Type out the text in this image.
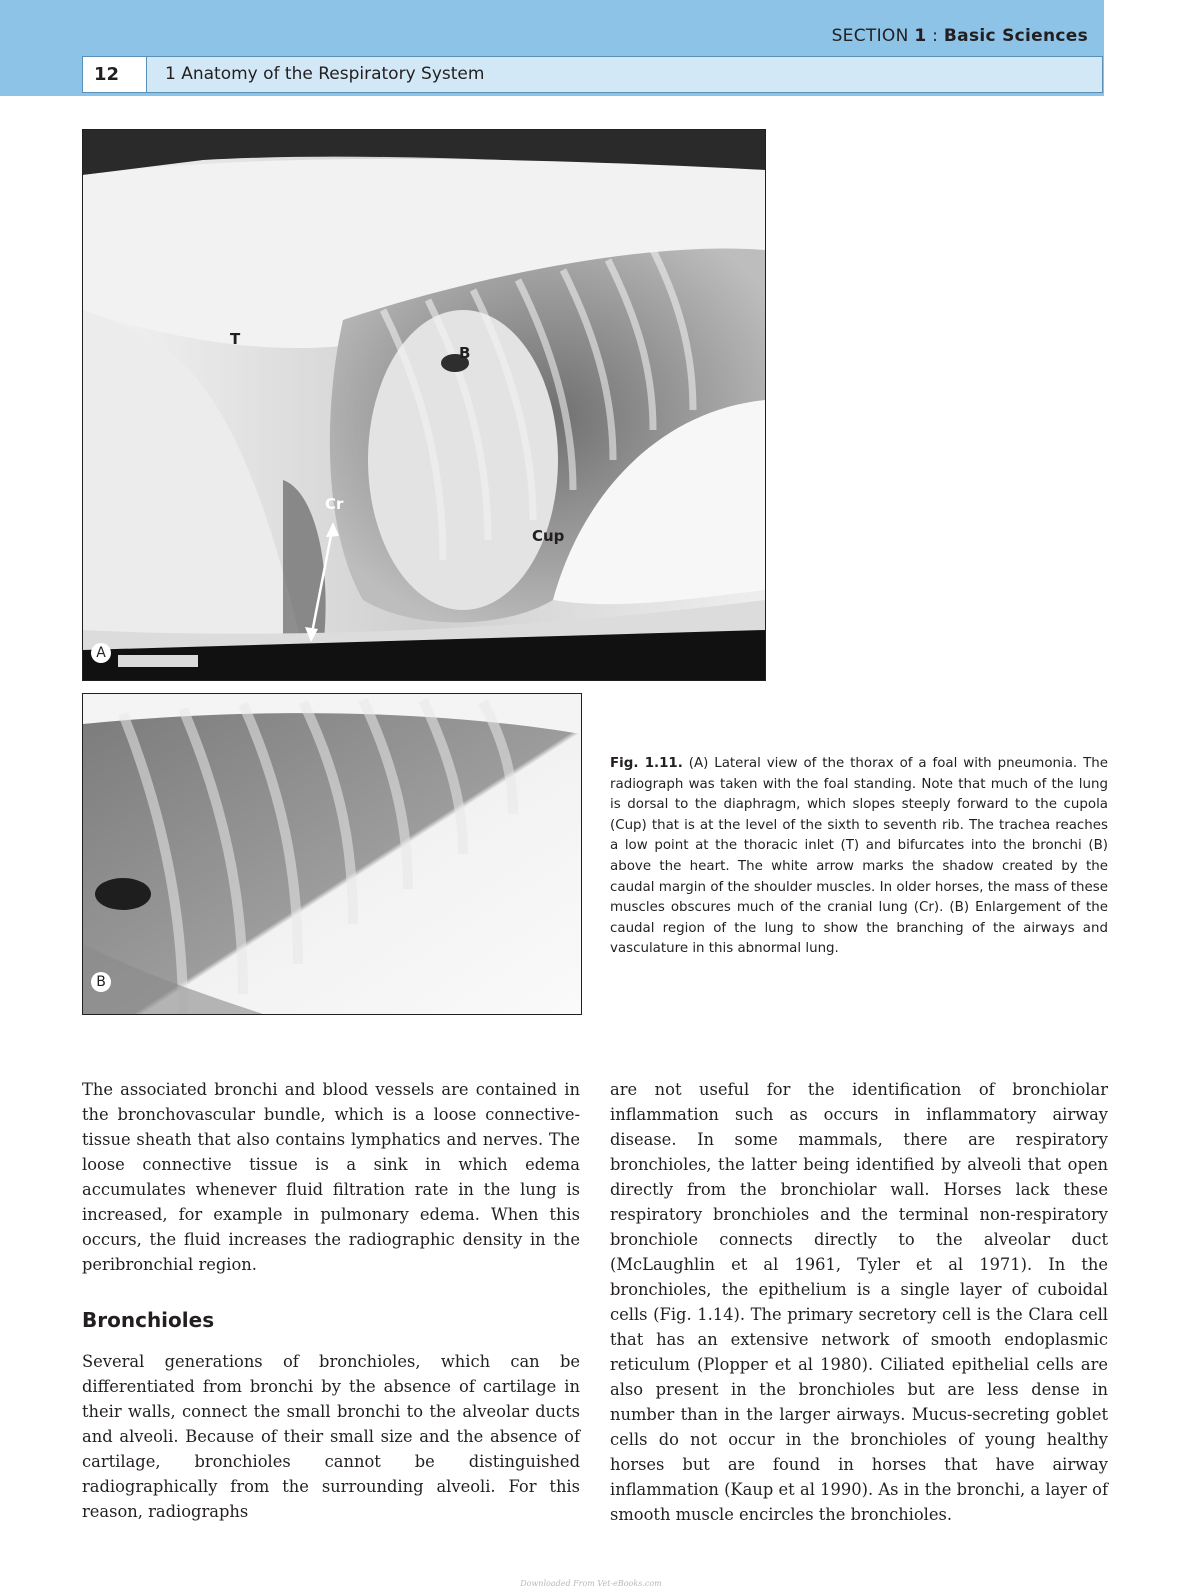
SECTION 1 : Basic Sciences
12	1 Anatomy of the Respiratory System
T
B
Cr
Cup
A
B
Fig. 1.11. (A) Lateral view of the thorax of a foal with pneumonia. The radiograph was taken with the foal standing. Note that much of the lung is dorsal to the diaphragm, which slopes steeply forward to the cupola (Cup) that is at the level of the sixth to seventh rib. The trachea reaches a low point at the thoracic inlet (T) and bifurcates into the bronchi (B) above the heart. The white arrow marks the shadow created by the caudal margin of the shoulder muscles. In older horses, the mass of these muscles obscures much of the cranial lung (Cr). (B) Enlargement of the caudal region of the lung to show the branching of the airways and vasculature in this abnormal lung.

The associated bronchi and blood vessels are contained in the bronchovascular bundle, which is a loose connective-tissue sheath that also contains lymphatics and nerves. The loose connective tissue is a sink in which edema accumulates whenever fluid filtration rate in the lung is increased, for example in pulmonary edema. When this occurs, the fluid increases the radiographic density in the peribronchial region.

Bronchioles

Several generations of bronchioles, which can be differentiated from bronchi by the absence of cartilage in their walls, connect the small bronchi to the alveolar ducts and alveoli. Because of their small size and the absence of cartilage, bronchioles cannot be distinguished radiographically from the surrounding alveoli. For this reason, radiographs

are not useful for the identification of bronchiolar inflammation such as occurs in inflammatory airway disease. In some mammals, there are respiratory bronchioles, the latter being identified by alveoli that open directly from the bronchiolar wall. Horses lack these respiratory bronchioles and the terminal non-respiratory bronchiole connects directly to the alveolar duct (McLaughlin et al 1961, Tyler et al 1971). In the bronchioles, the epithelium is a single layer of cuboidal cells (Fig. 1.14). The primary secretory cell is the Clara cell that has an extensive network of smooth endoplasmic reticulum (Plopper et al 1980). Ciliated epithelial cells are also present in the bronchioles but are less dense in number than in the larger airways. Mucus-secreting goblet cells do not occur in the bronchioles of young healthy horses but are found in horses that have airway inflammation (Kaup et al 1990). As in the bronchi, a layer of smooth muscle encircles the bronchioles.

Downloaded From Vet-eBooks.com
